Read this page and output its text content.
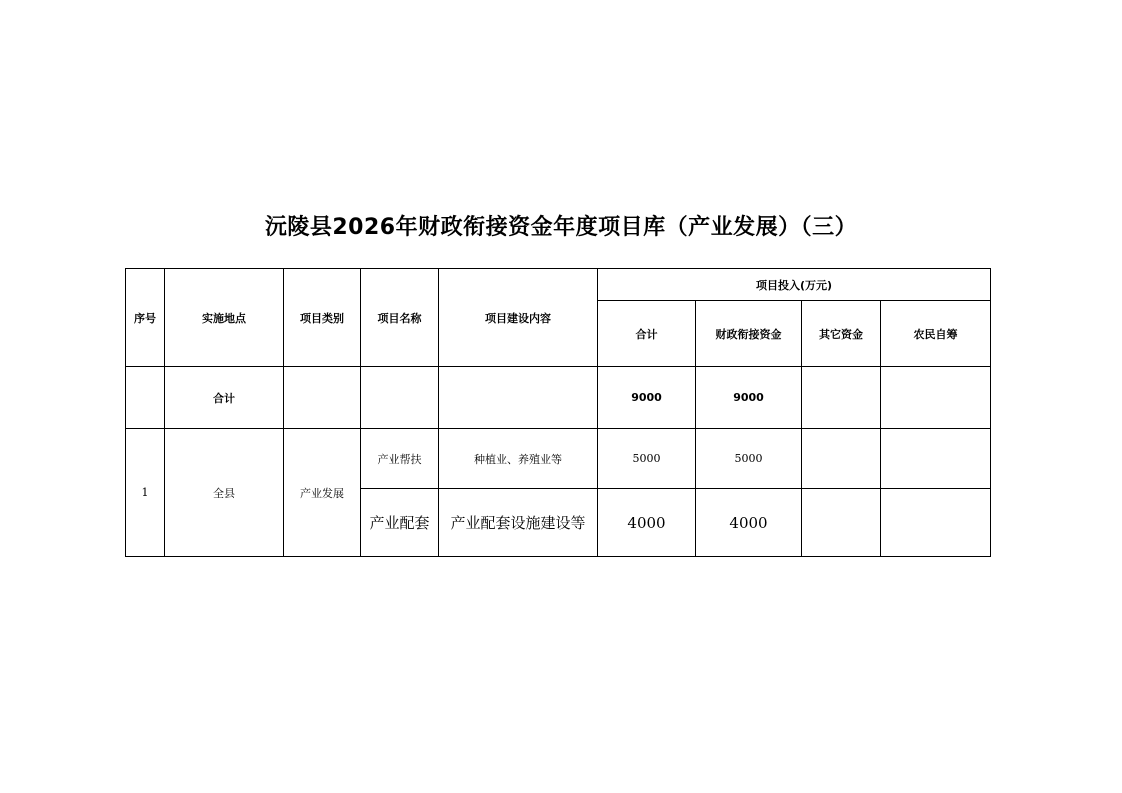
沅陵县2026年财政衔接资金年度项目库（产业发展）（三）
序号	实施地点	项目类别	项目名称	项目建设内容	项目投入(万元)			
					合计	财政衔接资金	其它资金	农民自筹
	合计				9000	9000		
1	全县	产业发展	产业帮扶	种植业、养殖业等	5000	5000		
			产业配套	产业配套设施建设等	4000	4000		
